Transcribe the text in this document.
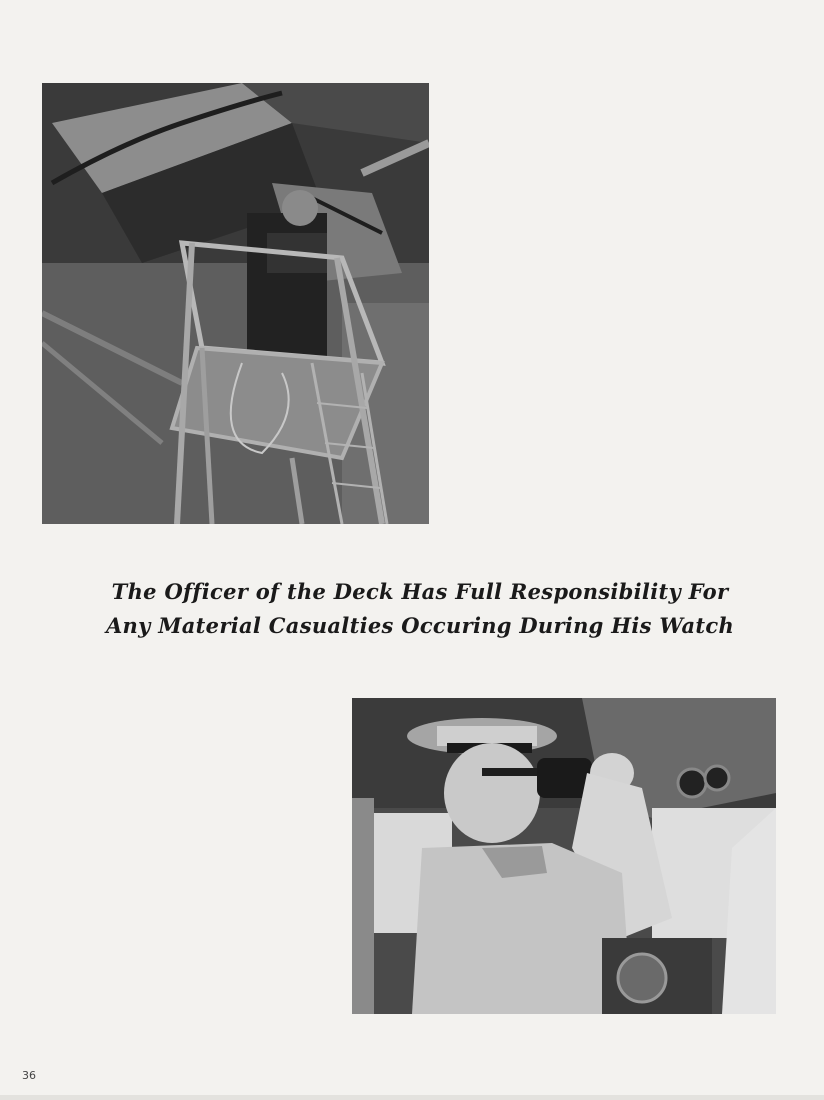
The Officer of the Deck Has Full Responsibility For
Any Material Casualties Occuring During His Watch
36
